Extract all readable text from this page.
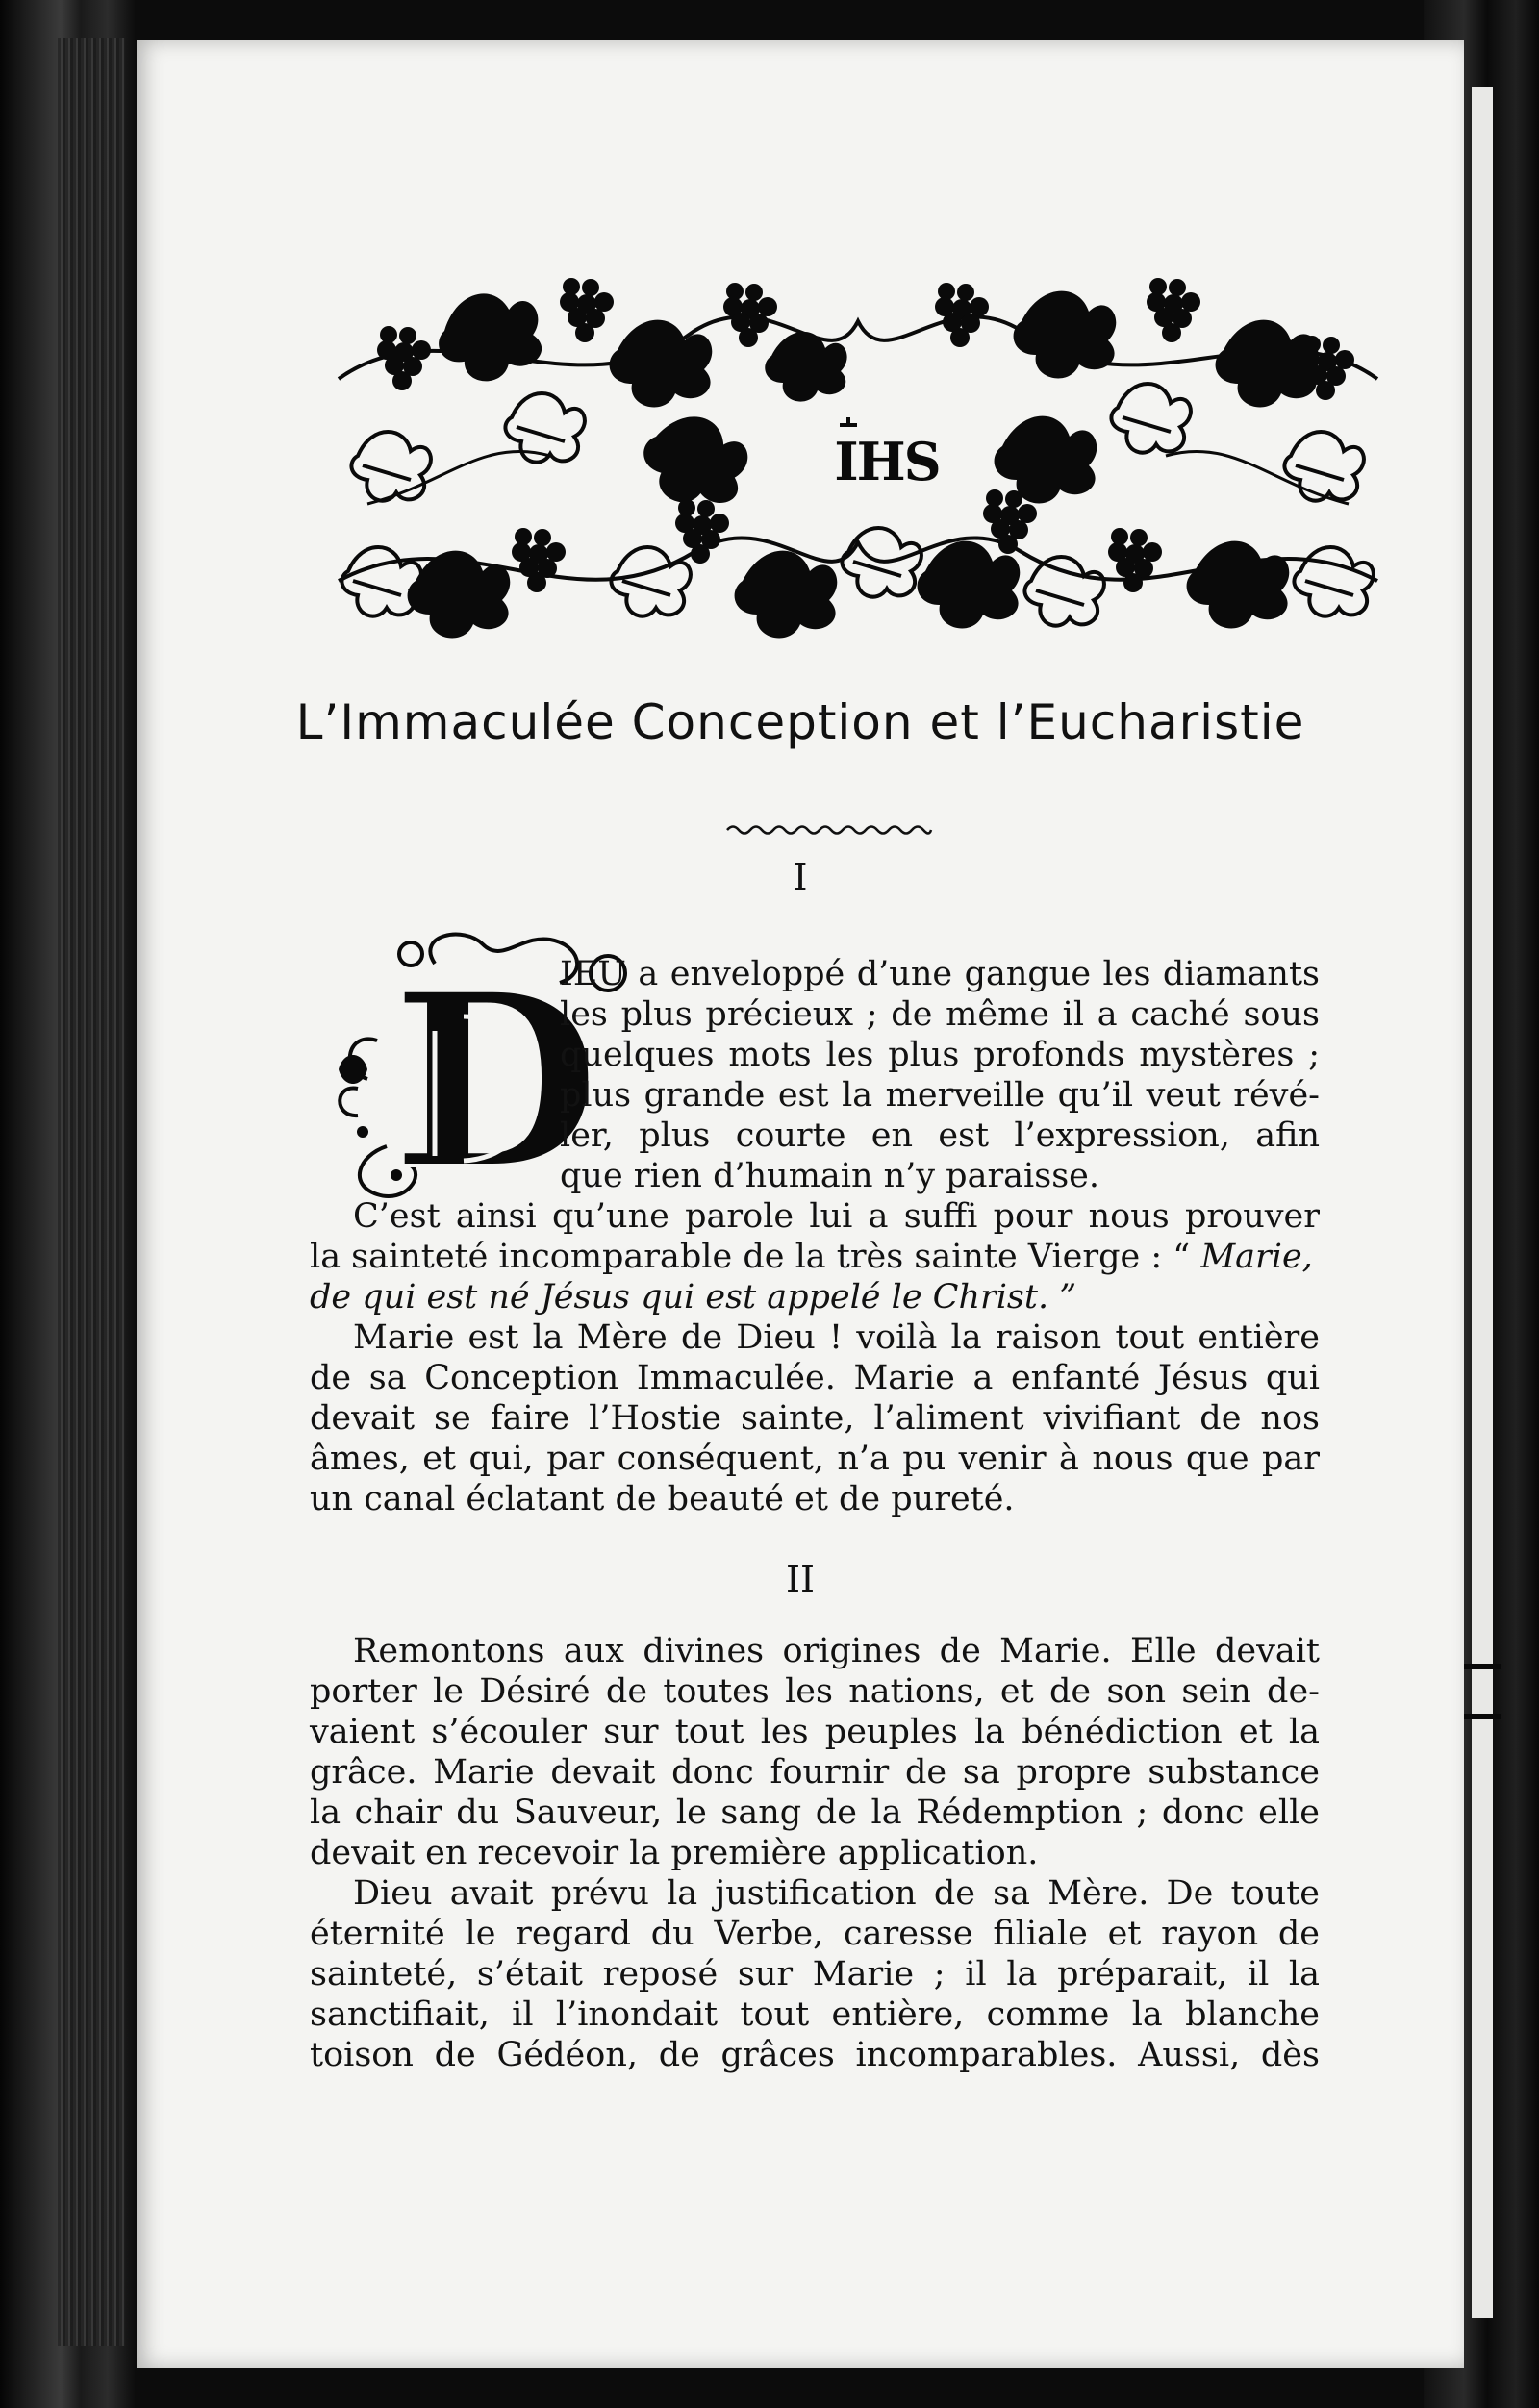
IHS
L’Immaculée Conception et l’Eucharistie
I
D

IEU a enveloppé d’une gangue les diamants

les plus précieux ; de même il a caché sous

quelques mots les plus profonds mystères ;

plus grande est la merveille qu’il veut révé-

ler, plus courte en est l’expression, afin

que rien d’humain n’y paraisse.

C’est ainsi qu’une parole lui a suffi pour nous prouver

la sainteté incomparable de la très sainte Vierge : “ Marie,

de qui est né Jésus qui est appelé le Christ. ”

Marie est la Mère de Dieu ! voilà la raison tout entière

de sa Conception Immaculée. Marie a enfanté Jésus qui

devait se faire l’Hostie sainte, l’aliment vivifiant de nos

âmes, et qui, par conséquent, n’a pu venir à nous que par

un canal éclatant de beauté et de pureté.

II

Remontons aux divines origines de Marie. Elle devait

porter le Désiré de toutes les nations, et de son sein de-

vaient s’écouler sur tout les peuples la bénédiction et la

grâce. Marie devait donc fournir de sa propre substance

la chair du Sauveur, le sang de la Rédemption ; donc elle

devait en recevoir la première application.

Dieu avait prévu la justification de sa Mère. De toute

éternité le regard du Verbe, caresse filiale et rayon de

sainteté, s’était reposé sur Marie ; il la préparait, il la

sanctifiait, il l’inondait tout entière, comme la blanche

toison de Gédéon, de grâces incomparables. Aussi, dès
